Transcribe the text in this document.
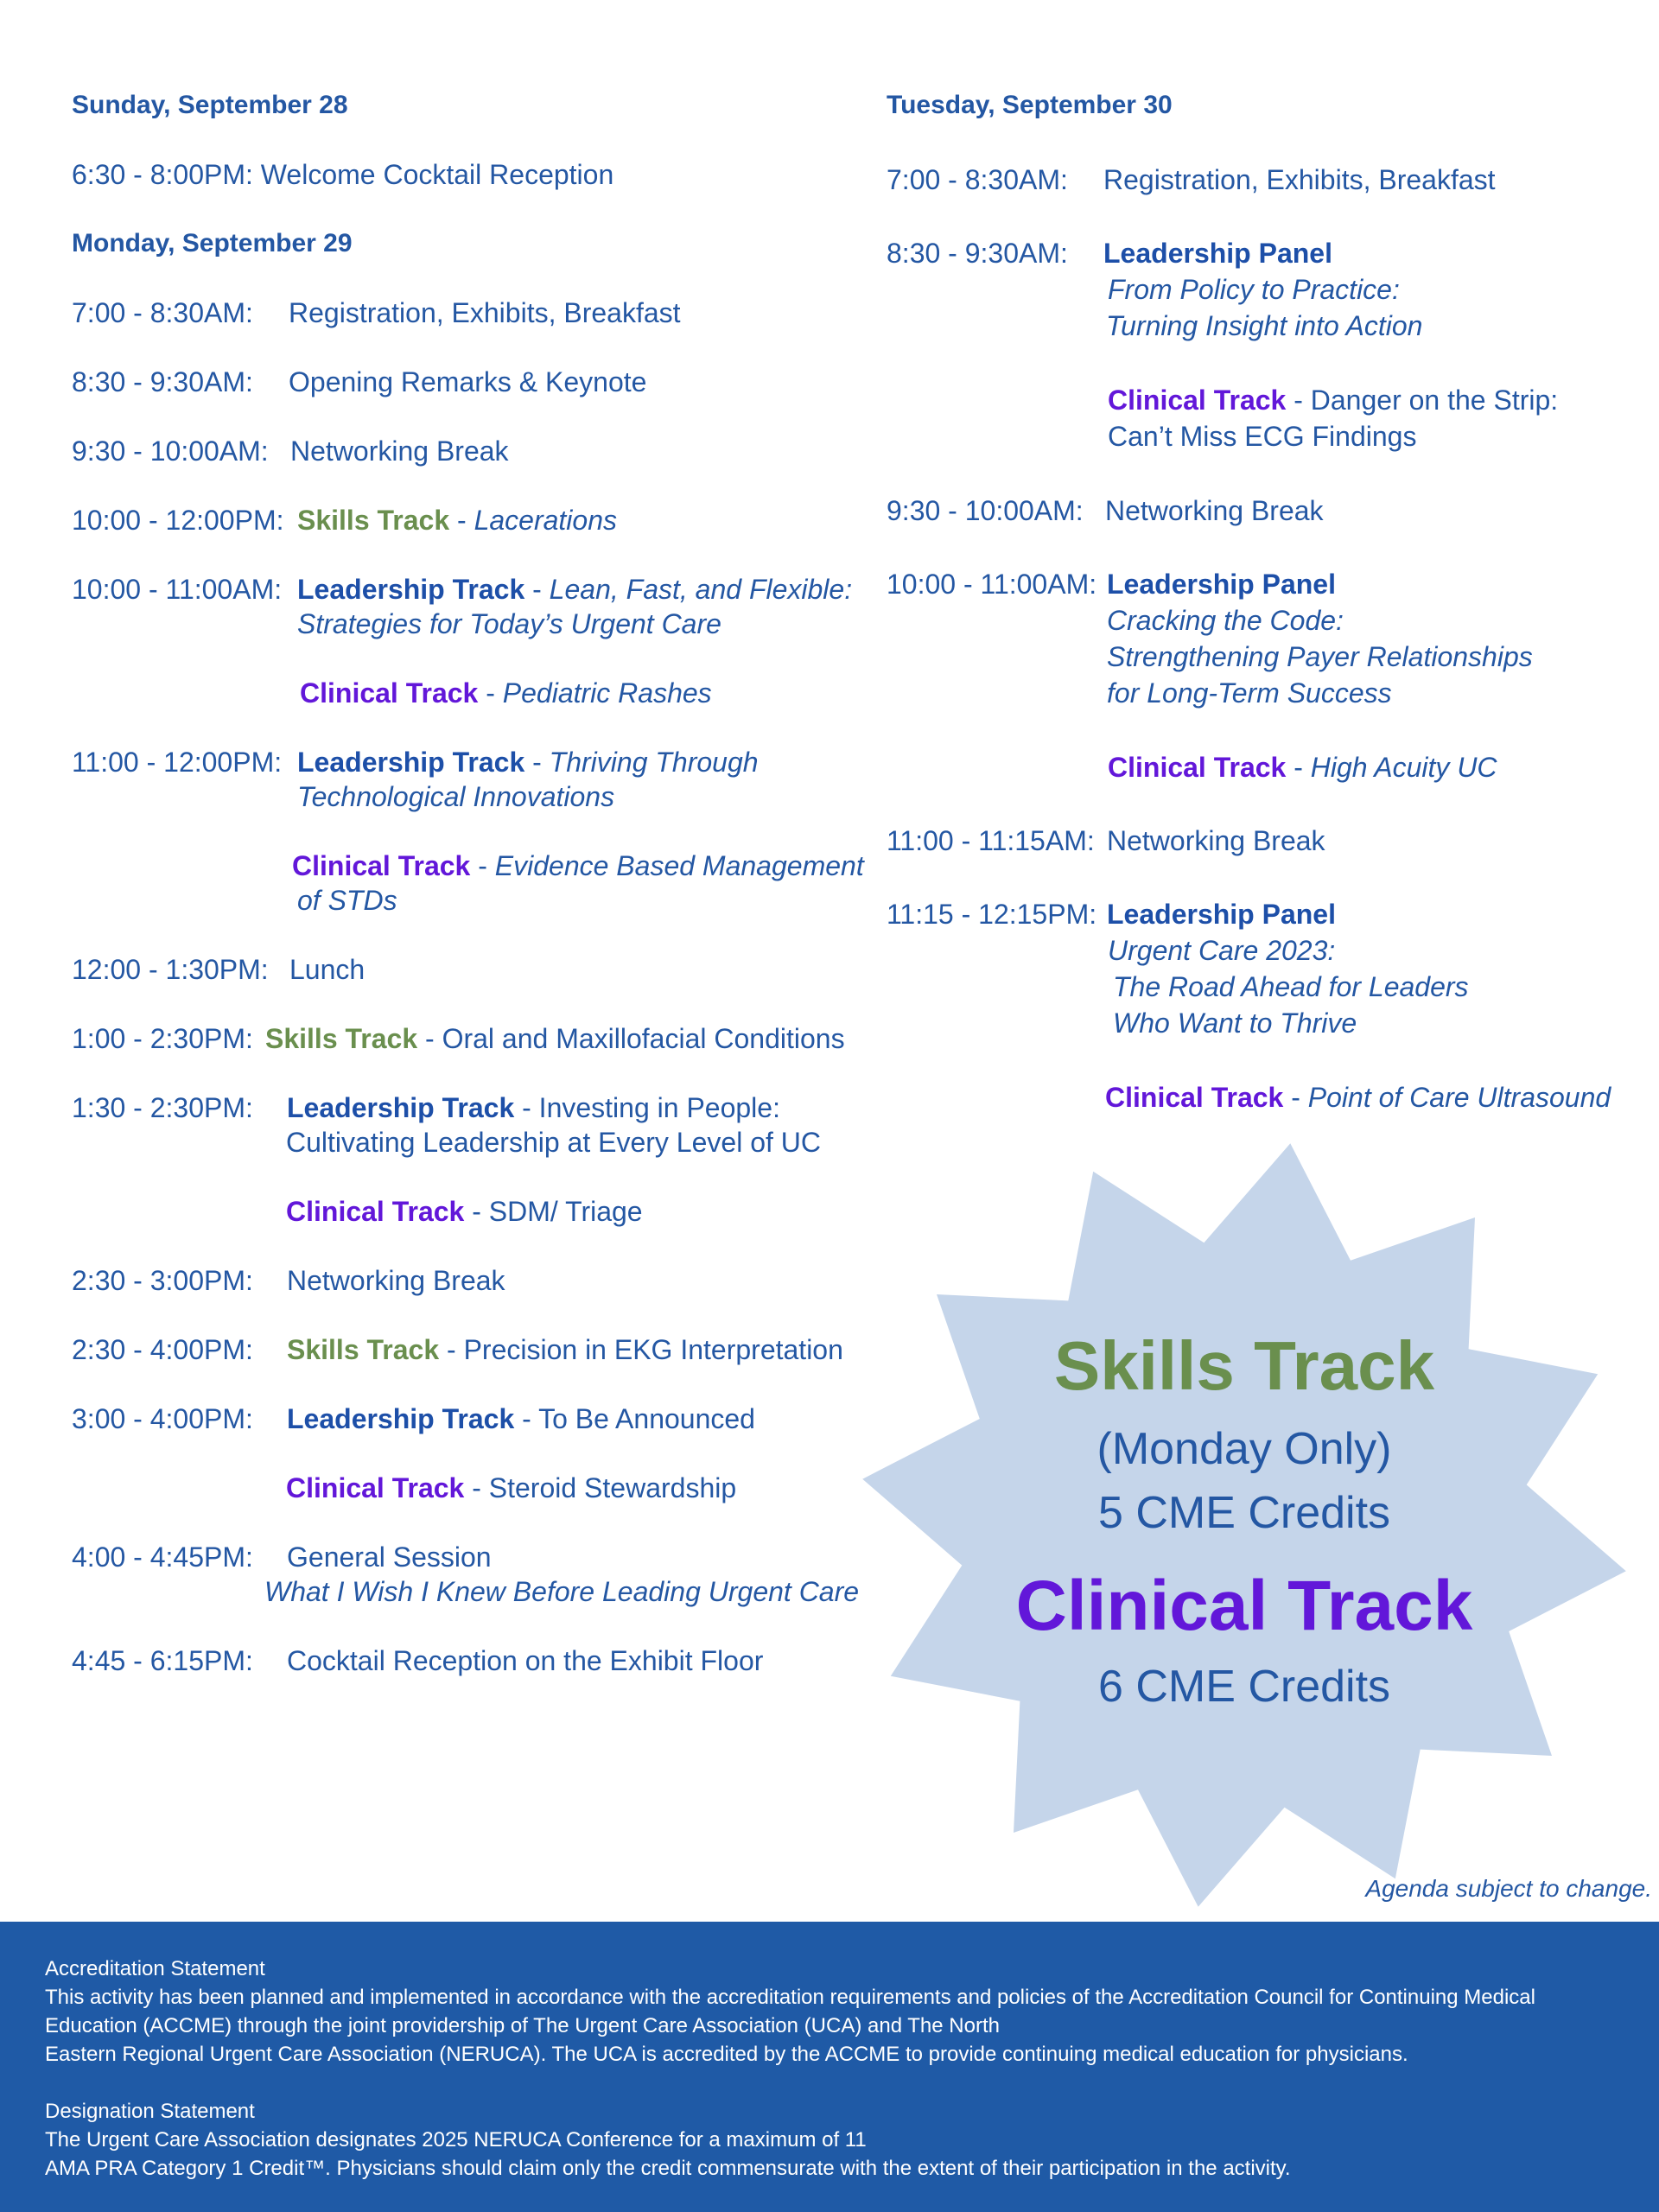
Sunday, September 28
6:30 - 8:00PM: Welcome Cocktail Reception
Monday, September 29
7:00 - 8:30AM: Registration, Exhibits, Breakfast
8:30 - 9:30AM: Opening Remarks & Keynote
9:30 - 10:00AM: Networking Break
10:00 - 12:00PM: Skills Track - Lacerations
10:00 - 11:00AM: Leadership Track - Lean, Fast, and Flexible:
Strategies for Today’s Urgent Care
Clinical Track - Pediatric Rashes
11:00 - 12:00PM: Leadership Track - Thriving Through
Technological Innovations
Clinical Track - Evidence Based Management
of STDs
12:00 - 1:30PM: Lunch
1:00 - 2:30PM: Skills Track - Oral and Maxillofacial Conditions
1:30 - 2:30PM: Leadership Track - Investing in People:
Cultivating Leadership at Every Level of UC
Clinical Track - SDM/ Triage
2:30 - 3:00PM: Networking Break
2:30 - 4:00PM: Skills Track - Precision in EKG Interpretation
3:00 - 4:00PM: Leadership Track - To Be Announced
Clinical Track - Steroid Stewardship
4:00 - 4:45PM: General Session
What I Wish I Knew Before Leading Urgent Care
4:45 - 6:15PM: Cocktail Reception on the Exhibit Floor
Tuesday, September 30
7:00 - 8:30AM: Registration, Exhibits, Breakfast
8:30 - 9:30AM: Leadership Panel
From Policy to Practice:
Turning Insight into Action
Clinical Track - Danger on the Strip:
Can’t Miss ECG Findings
9:30 - 10:00AM: Networking Break
10:00 - 11:00AM: Leadership Panel
Cracking the Code:
Strengthening Payer Relationships
for Long-Term Success
Clinical Track - High Acuity UC
11:00 - 11:15AM: Networking Break
11:15 - 12:15PM: Leadership Panel
Urgent Care 2023:
The Road Ahead for Leaders
Who Want to Thrive
Clinical Track - Point of Care Ultrasound
Skills Track
(Monday Only)
5 CME Credits
Clinical Track
6 CME Credits
Agenda subject to change.
Accreditation Statement
This activity has been planned and implemented in accordance with the accreditation requirements and policies of the Accreditation Council for Continuing Medical
Education (ACCME) through the joint providership of The Urgent Care Association (UCA) and The North
Eastern Regional Urgent Care Association (NERUCA). The UCA is accredited by the ACCME to provide continuing medical education for physicians.
Designation Statement
The Urgent Care Association designates 2025 NERUCA Conference for a maximum of 11
AMA PRA Category 1 Credit™. Physicians should claim only the credit commensurate with the extent of their participation in the activity.
